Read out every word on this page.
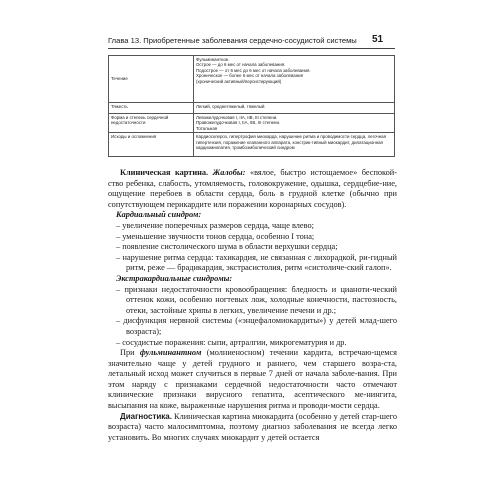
Глава 13. Приобретенные заболевания сердечно-сосудистой системы 51
Течение	Фульминантное.
Острое — до 6 мес от начала заболевания.
Подострое — от 6 мес до 6 мес от начала заболевания.
Хроническое — более 6 мес от начала заболевания
(хронический активный/персистирующий)

Тяжесть	Легкий, среднетяжелый, тяжелый

Форма и степень сердечной недостаточности	Левожелудочковая I, IIA, IIB, III степени.
Правожелудочковая I, IIA, IIB, III степени.
Тотальная

Исходы и осложнения	Кардиосклероз, гипертрофия миокарда, нарушение ритма и проводимости сердца, легочная гипертензия, поражение клапанного аппарата, констрик-тивный миокардит, дилатационная кардиомиопатия, тромбоэмболический синдром

Клиническая картина. Жалобы: «вялое, быстро истощаемое» беспокой-ство ребенка, слабость, утомляемость, головокружение, одышка, сердцебие-ние, ощущение перебоев в области сердца, боль в грудной клетке (обычно при сопутствующем перикардите или поражении коронарных сосудов).

Кардиальный синдром:

– увеличение поперечных размеров сердца, чаще влево;

– уменьшение звучности тонов сердца, особенно I тона;

– появление систолического шума в области верхушки сердца;

– нарушение ритма сердца: тахикардия, не связанная с лихорадкой, ри-гидный ритм, реже — брадикардия, экстрасистолия, ритм «систоличе-ский галоп».

Экстракардиальные синдромы:

– признаки недостаточности кровообращения: бледность и цианоти-ческий оттенок кожи, особенно ногтевых лож, холодные конечности, пастозность, отеки, застойные хрипы в легких, увеличение печени и др.;

– дисфункция нервной системы («энцефаломиокардиты») у детей млад-шего возраста);

– сосудистые поражения: сыпи, артралгии, микрогематурия и др.

При фульминантном (молниеносном) течении кардита, встречаю-щемся значительно чаще у детей грудного и раннего, чем старшего возра-ста, летальный исход может случиться в первые 7 дней от начала заболе-вания. При этом наряду с признаками сердечной недостаточности часто отмечают клинические признаки вирусного гепатита, асептического ме-нингита, высыпания на коже, выраженные нарушения ритма и проводи-мости сердца.

Диагностика. Клиническая картина миокардита (особенно у детей стар-шего возраста) часто малосимптомна, поэтому диагноз заболевания не всегда легко установить. Во многих случаях миокардит у детей остается
